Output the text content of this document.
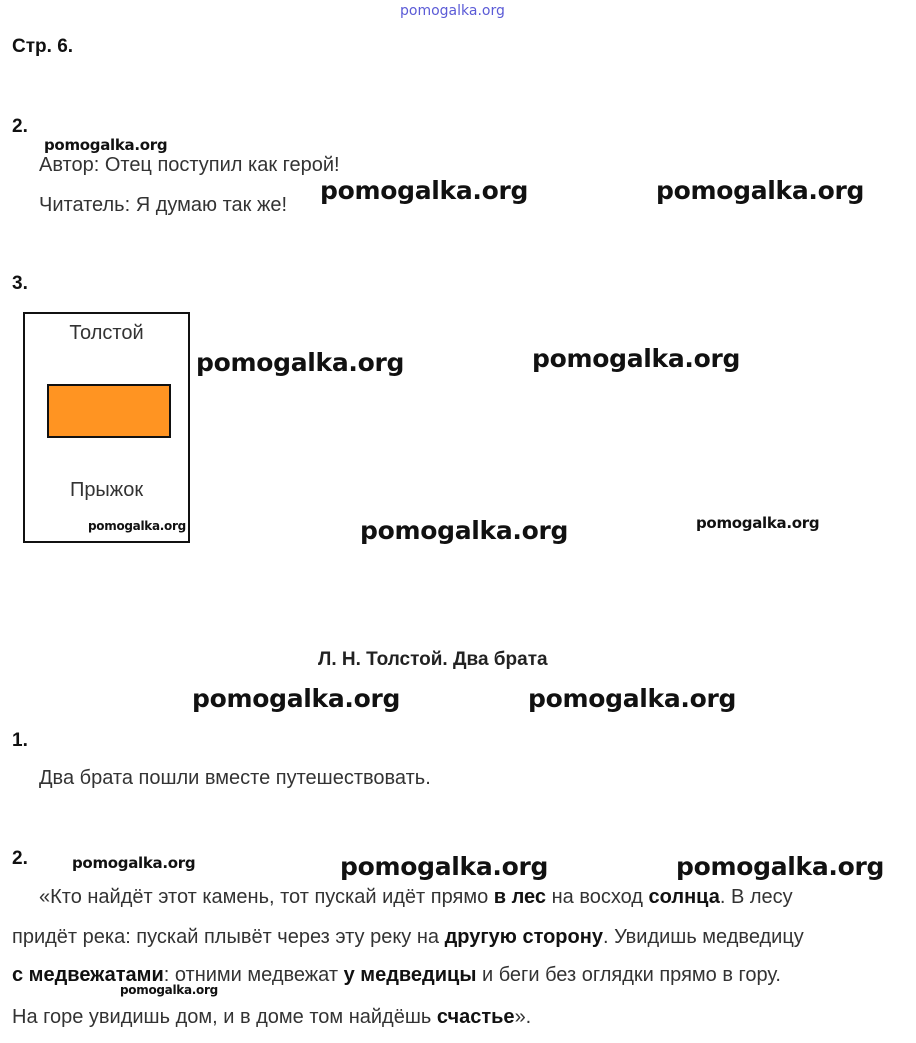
pomogalka.org
Стр. 6.
2.
pomogalka.org
Автор: Отец поступил как герой!
Читатель: Я думаю так же! pomogalka.org	pomogalka.org
3.
Толстой
Прыжок
pomogalka.org
pomogalka.org	pomogalka.org
pomogalka.org	pomogalka.org
Л. Н. Толстой. Два брата
pomogalka.org	pomogalka.org
1.
Два брата пошли вместе путешествовать.
2.	pomogalka.org	pomogalka.org	pomogalka.org
«Кто найдёт этот камень, тот пускай идёт прямо в лес на восход солнца. В лесу
придёт река: пускай плывёт через эту реку на другую сторону. Увидишь медведицу
с медвежатами: отними медвежат у медведицы и беги без оглядки прямо в гору.
pomogalka.org
На горе увидишь дом, и в доме том найдёшь счастье».
